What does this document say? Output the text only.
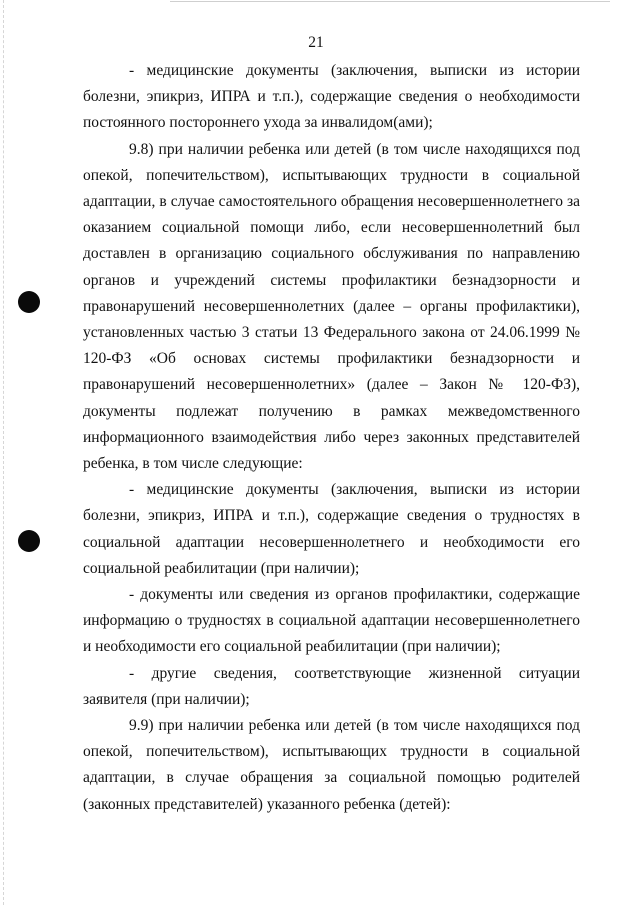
21

- медицинские документы (заключения, выписки из истории болезни, эпикриз, ИПРА и т.п.), содержащие сведения о необходимости постоянного постороннего ухода за инвалидом(ами);

9.8) при наличии ребенка или детей (в том числе находящихся под опекой, попечительством), испытывающих трудности в социальной адаптации, в случае самостоятельного обращения несовершеннолетнего за оказанием социальной помощи либо, если несовершеннолетний был доставлен в организацию социального обслуживания по направлению органов и учреждений системы профилактики безнадзорности и правонарушений несовершеннолетних (далее – органы профилактики), установленных частью 3 статьи 13 Федерального закона от 24.06.1999 № 120-ФЗ «Об основах системы профилактики безнадзорности и правонарушений несовершеннолетних» (далее – Закон № 120-ФЗ), документы подлежат получению в рамках межведомственного информационного взаимодействия либо через законных представителей ребенка, в том числе следующие:

- медицинские документы (заключения, выписки из истории болезни, эпикриз, ИПРА и т.п.), содержащие сведения о трудностях в социальной адаптации несовершеннолетнего и необходимости его социальной реабилитации (при наличии);

- документы или сведения из органов профилактики, содержащие информацию о трудностях в социальной адаптации несовершеннолетнего и необходимости его социальной реабилитации (при наличии);

- другие сведения, соответствующие жизненной ситуации заявителя (при наличии);

9.9) при наличии ребенка или детей (в том числе находящихся под опекой, попечительством), испытывающих трудности в социальной адаптации, в случае обращения за социальной помощью родителей (законных представителей) указанного ребенка (детей):
